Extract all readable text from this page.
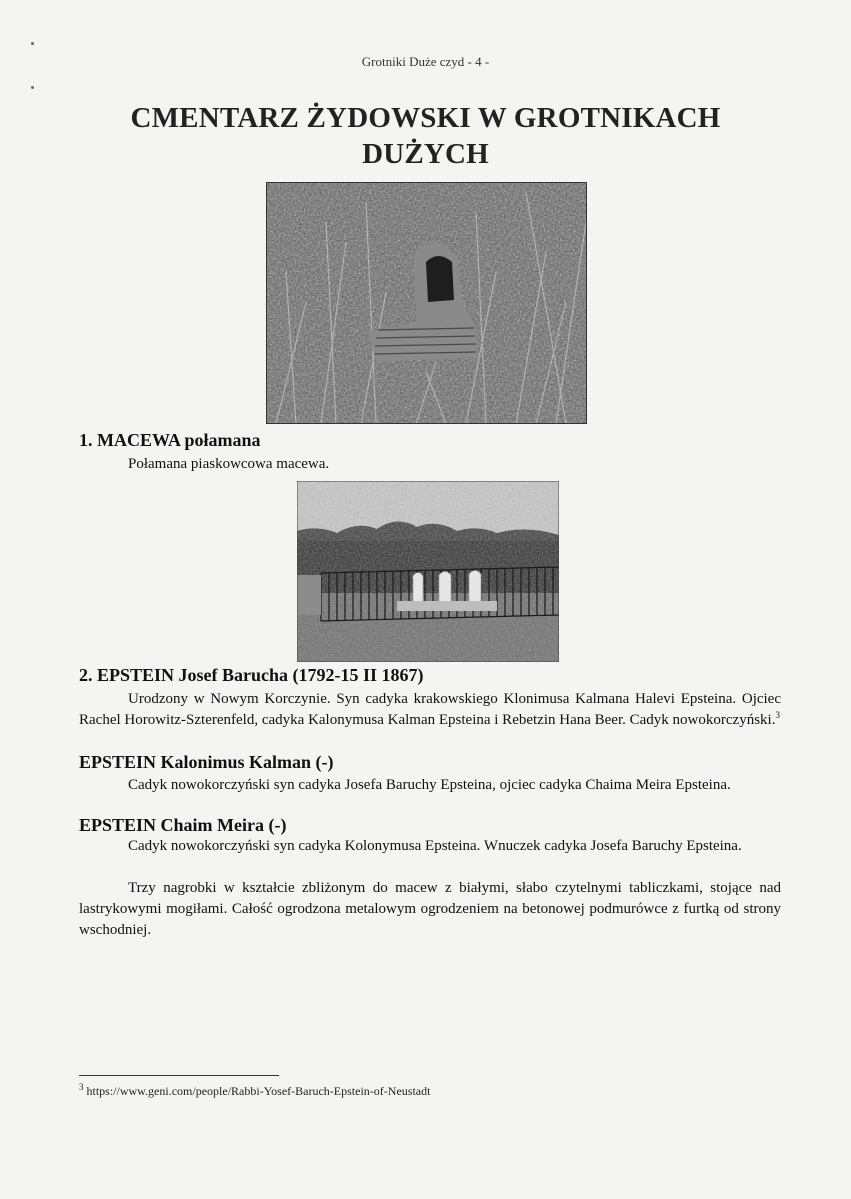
Grotniki Duże czyd - 4 -
CMENTARZ ŻYDOWSKI W GROTNIKACH
DUŻYCH
1. MACEWA połamana

Połamana piaskowcowa macewa.

2. EPSTEIN Josef Barucha (1792-15 II 1867)

Urodzony w Nowym Korczynie. Syn cadyka krakowskiego Klonimusa Kalmana Halevi Epsteina. Ojciec Rachel Horowitz-Szterenfeld, cadyka Kalonymusa Kalman Epsteina i Rebetzin Hana Beer. Cadyk nowokorczyński.$^3$

EPSTEIN Kalonimus Kalman (-)

Cadyk nowokorczyński syn cadyka Josefa Baruchy Epsteina, ojciec cadyka Chaima Meira Epsteina.

EPSTEIN Chaim Meira (-)

Cadyk nowokorczyński syn cadyka Kolonymusa Epsteina. Wnuczek cadyka Josefa Baruchy Epsteina.

Trzy nagrobki w kształcie zbliżonym do macew z białymi, słabo czytelnymi tabliczkami, stojące nad lastrykowymi mogiłami. Całość ogrodzona metalowym ogrodzeniem na betonowej podmurówce z furtką od strony wschodniej.

$^3$ https://www.geni.com/people/Rabbi-Yosef-Baruch-Epstein-of-Neustadt
